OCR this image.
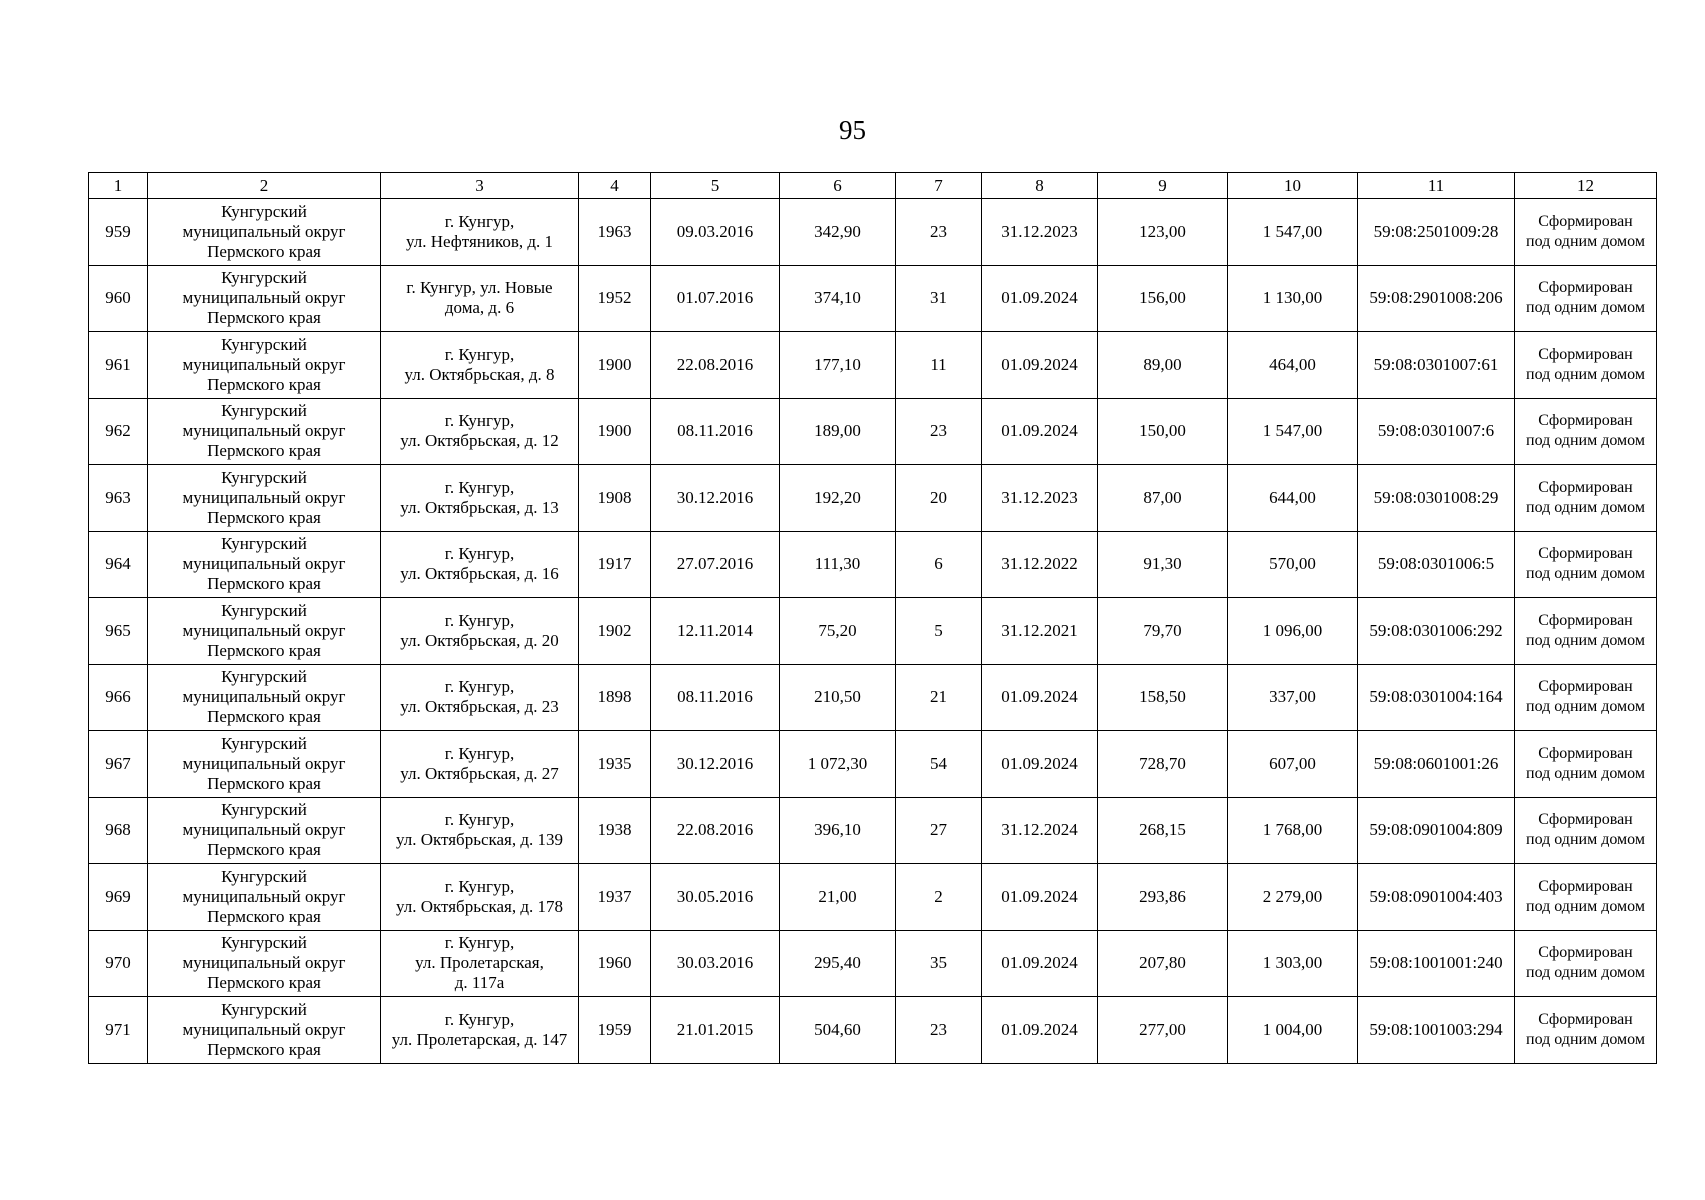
95
1	2	3	4	5	6	7	8	9	10	11	12
959	Кунгурский
муниципальный округ
Пермского края	г. Кунгур,
ул. Нефтяников, д. 1	1963	09.03.2016	342,90	23	31.12.2023	123,00	1 547,00	59:08:2501009:28	Сформирован
под одним домом
960	Кунгурский
муниципальный округ
Пермского края	г. Кунгур, ул. Новые
дома, д. 6	1952	01.07.2016	374,10	31	01.09.2024	156,00	1 130,00	59:08:2901008:206	Сформирован
под одним домом
961	Кунгурский
муниципальный округ
Пермского края	г. Кунгур,
ул. Октябрьская, д. 8	1900	22.08.2016	177,10	11	01.09.2024	89,00	464,00	59:08:0301007:61	Сформирован
под одним домом
962	Кунгурский
муниципальный округ
Пермского края	г. Кунгур,
ул. Октябрьская, д. 12	1900	08.11.2016	189,00	23	01.09.2024	150,00	1 547,00	59:08:0301007:6	Сформирован
под одним домом
963	Кунгурский
муниципальный округ
Пермского края	г. Кунгур,
ул. Октябрьская, д. 13	1908	30.12.2016	192,20	20	31.12.2023	87,00	644,00	59:08:0301008:29	Сформирован
под одним домом
964	Кунгурский
муниципальный округ
Пермского края	г. Кунгур,
ул. Октябрьская, д. 16	1917	27.07.2016	111,30	6	31.12.2022	91,30	570,00	59:08:0301006:5	Сформирован
под одним домом
965	Кунгурский
муниципальный округ
Пермского края	г. Кунгур,
ул. Октябрьская, д. 20	1902	12.11.2014	75,20	5	31.12.2021	79,70	1 096,00	59:08:0301006:292	Сформирован
под одним домом
966	Кунгурский
муниципальный округ
Пермского края	г. Кунгур,
ул. Октябрьская, д. 23	1898	08.11.2016	210,50	21	01.09.2024	158,50	337,00	59:08:0301004:164	Сформирован
под одним домом
967	Кунгурский
муниципальный округ
Пермского края	г. Кунгур,
ул. Октябрьская, д. 27	1935	30.12.2016	1 072,30	54	01.09.2024	728,70	607,00	59:08:0601001:26	Сформирован
под одним домом
968	Кунгурский
муниципальный округ
Пермского края	г. Кунгур,
ул. Октябрьская, д. 139	1938	22.08.2016	396,10	27	31.12.2024	268,15	1 768,00	59:08:0901004:809	Сформирован
под одним домом
969	Кунгурский
муниципальный округ
Пермского края	г. Кунгур,
ул. Октябрьская, д. 178	1937	30.05.2016	21,00	2	01.09.2024	293,86	2 279,00	59:08:0901004:403	Сформирован
под одним домом
970	Кунгурский
муниципальный округ
Пермского края	г. Кунгур,
ул. Пролетарская,
д. 117а	1960	30.03.2016	295,40	35	01.09.2024	207,80	1 303,00	59:08:1001001:240	Сформирован
под одним домом
971	Кунгурский
муниципальный округ
Пермского края	г. Кунгур,
ул. Пролетарская, д. 147	1959	21.01.2015	504,60	23	01.09.2024	277,00	1 004,00	59:08:1001003:294	Сформирован
под одним домом
